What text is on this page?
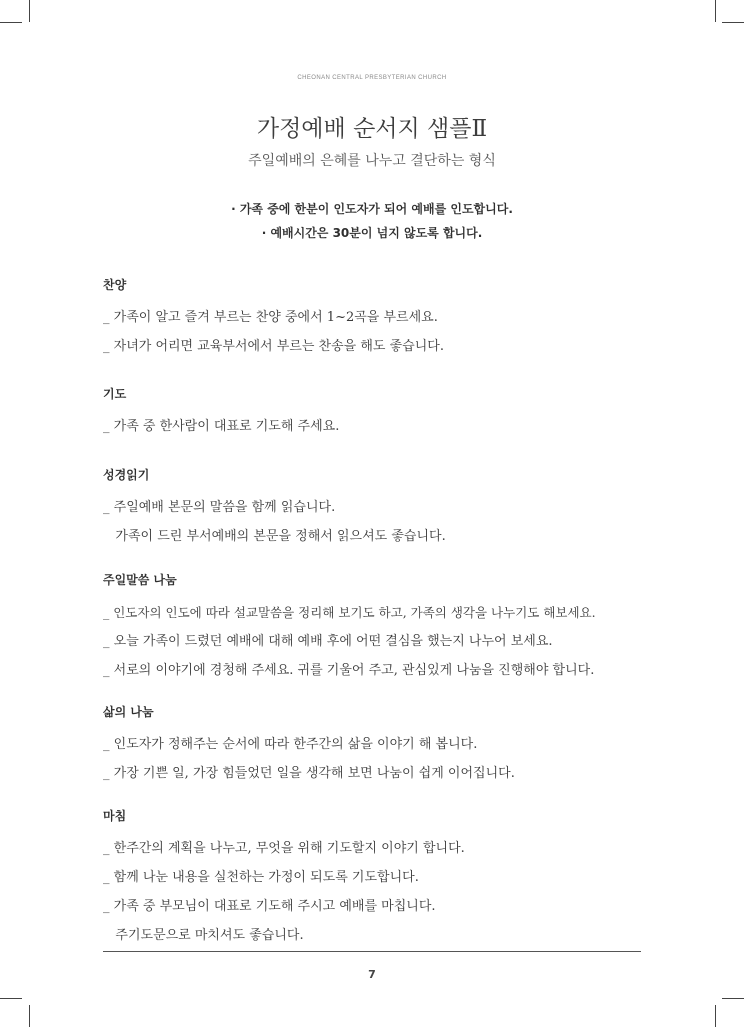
CHEONAN CENTRAL PRESBYTERIAN CHURCH
가정예배 순서지 샘플Ⅱ
주일예배의 은혜를 나누고 결단하는 형식
· 가족 중에 한분이 인도자가 되어 예배를 인도합니다.
· 예배시간은 30분이 넘지 않도록 합니다.
찬양
_ 가족이 알고 즐겨 부르는 찬양 중에서 1~2곡을 부르세요.
_ 자녀가 어리면 교육부서에서 부르는 찬송을 해도 좋습니다.
기도
_ 가족 중 한사람이 대표로 기도해 주세요.
성경읽기
_ 주일예배 본문의 말씀을 함께 읽습니다.
가족이 드린 부서예배의 본문을 정해서 읽으셔도 좋습니다.
주일말씀 나눔
_ 인도자의 인도에 따라 설교말씀을 정리해 보기도 하고, 가족의 생각을 나누기도 해보세요.
_ 오늘 가족이 드렸던 예배에 대해 예배 후에 어떤 결심을 했는지 나누어 보세요.
_ 서로의 이야기에 경청해 주세요. 귀를 기울어 주고, 관심있게 나눔을 진행해야 합니다.
삶의 나눔
_ 인도자가 정해주는 순서에 따라 한주간의 삶을 이야기 해 봅니다.
_ 가장 기쁜 일, 가장 힘들었던 일을 생각해 보면 나눔이 쉽게 이어집니다.
마침
_ 한주간의 계획을 나누고, 무엇을 위해 기도할지 이야기 합니다.
_ 함께 나눈 내용을 실천하는 가정이 되도록 기도합니다.
_ 가족 중 부모님이 대표로 기도해 주시고 예배를 마칩니다.
주기도문으로 마치셔도 좋습니다.
7
